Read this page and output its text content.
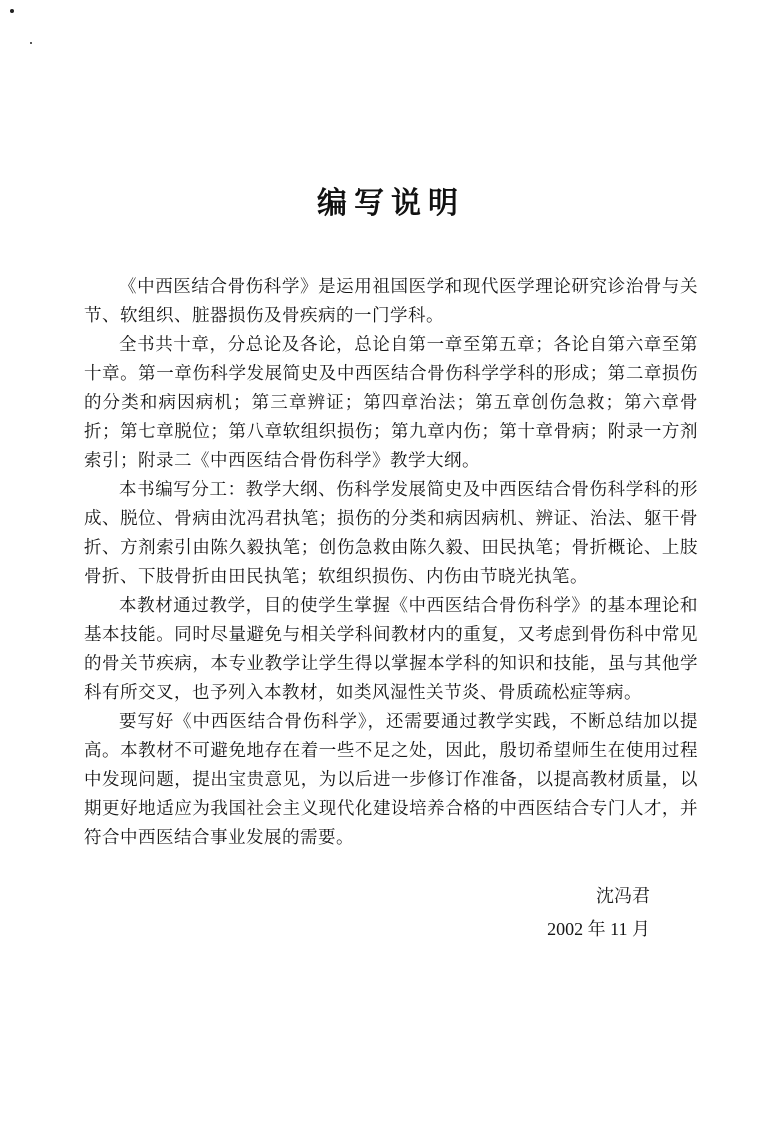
编写说明

《中西医结合骨伤科学》是运用祖国医学和现代医学理论研究诊治骨与关节、软组织、脏器损伤及骨疾病的一门学科。

全书共十章，分总论及各论，总论自第一章至第五章；各论自第六章至第十章。第一章伤科学发展简史及中西医结合骨伤科学学科的形成；第二章损伤的分类和病因病机；第三章辨证；第四章治法；第五章创伤急救；第六章骨折；第七章脱位；第八章软组织损伤；第九章内伤；第十章骨病；附录一方剂索引；附录二《中西医结合骨伤科学》教学大纲。

本书编写分工：教学大纲、伤科学发展简史及中西医结合骨伤科学科的形成、脱位、骨病由沈冯君执笔；损伤的分类和病因病机、辨证、治法、躯干骨折、方剂索引由陈久毅执笔；创伤急救由陈久毅、田民执笔；骨折概论、上肢骨折、下肢骨折由田民执笔；软组织损伤、内伤由节晓光执笔。

本教材通过教学，目的使学生掌握《中西医结合骨伤科学》的基本理论和基本技能。同时尽量避免与相关学科间教材内的重复，又考虑到骨伤科中常见的骨关节疾病，本专业教学让学生得以掌握本学科的知识和技能，虽与其他学科有所交叉，也予列入本教材，如类风湿性关节炎、骨质疏松症等病。

要写好《中西医结合骨伤科学》，还需要通过教学实践，不断总结加以提高。本教材不可避免地存在着一些不足之处，因此，殷切希望师生在使用过程中发现问题，提出宝贵意见，为以后进一步修订作准备，以提高教材质量，以期更好地适应为我国社会主义现代化建设培养合格的中西医结合专门人才，并符合中西医结合事业发展的需要。

沈冯君
2002 年 11 月
